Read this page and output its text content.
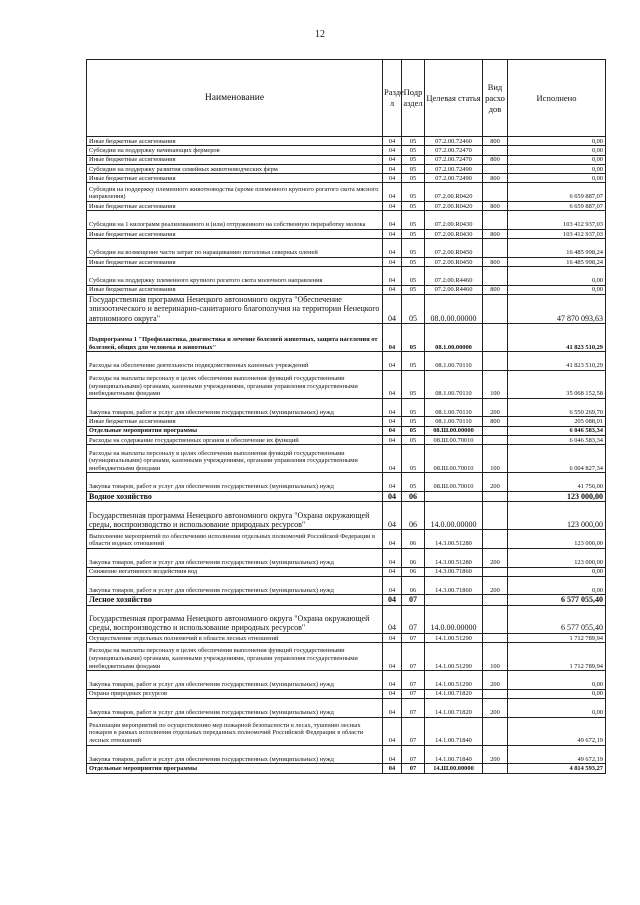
12
Наименование	Разде л	Подр аздел	Целевая статья	Вид расхо дов	Исполнено
Иные бюджетные ассигнования	04	05	07.2.00.72460	800	0,00
Субсидии на поддержку начинающих фермеров	04	05	07.2.00.72470		0,00
Иные бюджетные ассигнования	04	05	07.2.00.72470	800	0,00
Субсидии на поддержку развития семейных животноводческих ферм	04	05	07.2.00.72490		0,00
Иные бюджетные ассигнования	04	05	07.2.00.72490	800	0,00
Субсидия на поддержку племенного животноводства (кроме племенного крупного рогатого скота мясного направления)	04	05	07.2.00.R0420		6 659 887,07
Иные бюджетные ассигнования	04	05	07.2.00.R0420	800	6 659 887,07
Субсидии на 1 килограмм реализованного и (или) отгруженного на собственную переработку молока	04	05	07.2.00.R0430		103 412 937,03
Иные бюджетные ассигнования	04	05	07.2.00.R0430	800	103 412 937,03
Субсидии на возмещение части затрат по наращиванию поголовья северных оленей	04	05	07.2.00.R0450		16 485 998,24
Иные бюджетные ассигнования	04	05	07.2.00.R0450	800	16 485 998,24
Субсидии на поддержку племенного крупного рогатого скота молочного направления	04	05	07.2.00.R4460		0,00
Иные бюджетные ассигнования	04	05	07.2.00.R4460	800	0,00
Государственная программа Ненецкого автономного округа "Обеспечение эпизоотического и ветеринарно-санитарного благополучия на территории Ненецкого автономного округа"	04	05	08.0.00.00000		47 870 093,63
Подпрограмма 1 "Профилактика, диагностика и лечение болезней животных, защита населения от болезней, общих для человека и животных"	04	05	08.1.00.00000		41 823 510,29
Расходы на обеспечение деятельности подведомственных казенных учреждений	04	05	08.1.00.70110		41 823 510,29
Расходы на выплаты персоналу в целях обеспечения выполнения функций государственными (муниципальными) органами, казенными учреждениями, органами управления государственными внебюджетными фондами	04	05	08.1.00.70110	100	35 068 152,58
Закупка товаров, работ и услуг для обеспечения государственных (муниципальных) нужд	04	05	08.1.00.70110	200	6 550 269,70
Иные бюджетные ассигнования	04	05	08.1.00.70110	800	205 088,01
Отдельные мероприятия программы	04	05	08.Ш.00.00000		6 046 583,34
Расходы на содержание государственных органов и обеспечение их функций	04	05	08.Ш.00.70010		6 046 583,34
Расходы на выплаты персоналу в целях обеспечения выполнения функций государственными (муниципальными) органами, казенными учреждениями, органами управления государственными внебюджетными фондами	04	05	08.Ш.00.70010	100	6 004 827,34
Закупка товаров, работ и услуг для обеспечения государственных (муниципальных) нужд	04	05	08.Ш.00.70010	200	41 756,00
Водное хозяйство	04	06			123 000,00
Государственная программа Ненецкого автономного округа "Охрана окружающей среды, воспроизводство и использование природных ресурсов"	04	06	14.0.00.00000		123 000,00
Выполнение мероприятий по обеспечению исполнения отдельных полномочий Российской Федерации в области водных отношений	04	06	14.3.00.51280		123 000,00
Закупка товаров, работ и услуг для обеспечения государственных (муниципальных) нужд	04	06	14.3.00.51280	200	123 000,00
Снижение негативного воздействия вод	04	06	14.3.00.71860		0,00
Закупка товаров, работ и услуг для обеспечения государственных (муниципальных) нужд	04	06	14.3.00.71860	200	0,00
Лесное хозяйство	04	07			6 577 055,40
Государственная программа Ненецкого автономного округа "Охрана окружающей среды, воспроизводство и использование природных ресурсов"	04	07	14.0.00.00000		6 577 055,40
Осуществление отдельных полномочий в области лесных отношений	04	07	14.1.00.51290		1 712 789,94
Расходы на выплаты персоналу в целях обеспечения выполнения функций государственными (муниципальными) органами, казенными учреждениями, органами управления государственными внебюджетными фондами	04	07	14.1.00.51290	100	1 712 789,94
Закупка товаров, работ и услуг для обеспечения государственных (муниципальных) нужд	04	07	14.1.00.51290	200	0,00
Охрана природных ресурсов	04	07	14.1.00.71820		0,00
Закупка товаров, работ и услуг для обеспечения государственных (муниципальных) нужд	04	07	14.1.00.71820	200	0,00
Реализация мероприятий по осуществлению мер пожарной безопасности в лесах, тушению лесных пожаров в рамках исполнения отдельных переданных полномочий Российской Федерации в области лесных отношений	04	07	14.1.00.71840		49 672,19
Закупка товаров, работ и услуг для обеспечения государственных (муниципальных) нужд	04	07	14.1.00.71840	200	49 672,19
Отдельные мероприятия программы	04	07	14.Ш.00.00000		4 814 593,27
